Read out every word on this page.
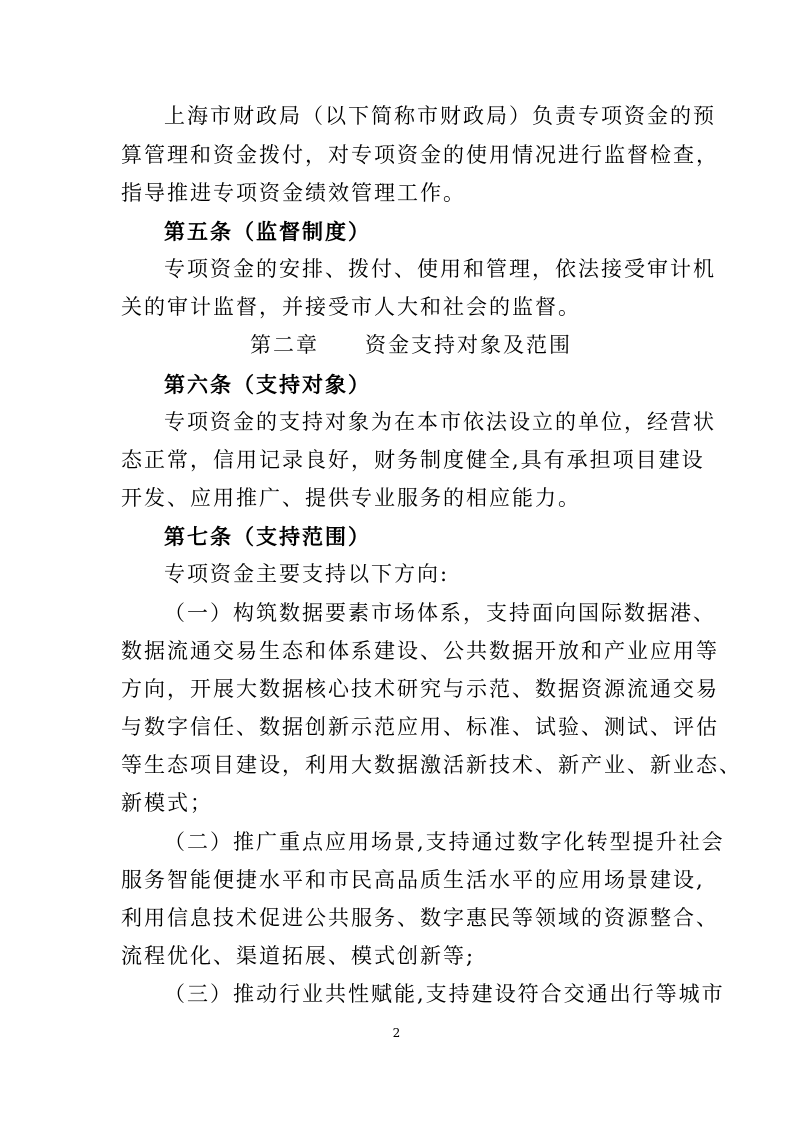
上海市财政局（以下简称市财政局）负责专项资金的预
算管理和资金拨付，对专项资金的使用情况进行监督检查，
指导推进专项资金绩效管理工作。
第五条（监督制度）
专项资金的安排、拨付、使用和管理，依法接受审计机
关的审计监督，并接受市人大和社会的监督。
第二章　　资金支持对象及范围
第六条（支持对象）
专项资金的支持对象为在本市依法设立的单位，经营状
态正常，信用记录良好，财务制度健全,具有承担项目建设
开发、应用推广、提供专业服务的相应能力。
第七条（支持范围）
专项资金主要支持以下方向:
（一）构筑数据要素市场体系，支持面向国际数据港、
数据流通交易生态和体系建设、公共数据开放和产业应用等
方向，开展大数据核心技术研究与示范、数据资源流通交易
与数字信任、数据创新示范应用、标准、试验、测试、评估
等生态项目建设，利用大数据激活新技术、新产业、新业态、
新模式；
（二）推广重点应用场景,支持通过数字化转型提升社会
服务智能便捷水平和市民高品质生活水平的应用场景建设,
利用信息技术促进公共服务、数字惠民等领域的资源整合、
流程优化、渠道拓展、模式创新等;
（三）推动行业共性赋能,支持建设符合交通出行等城市
2
